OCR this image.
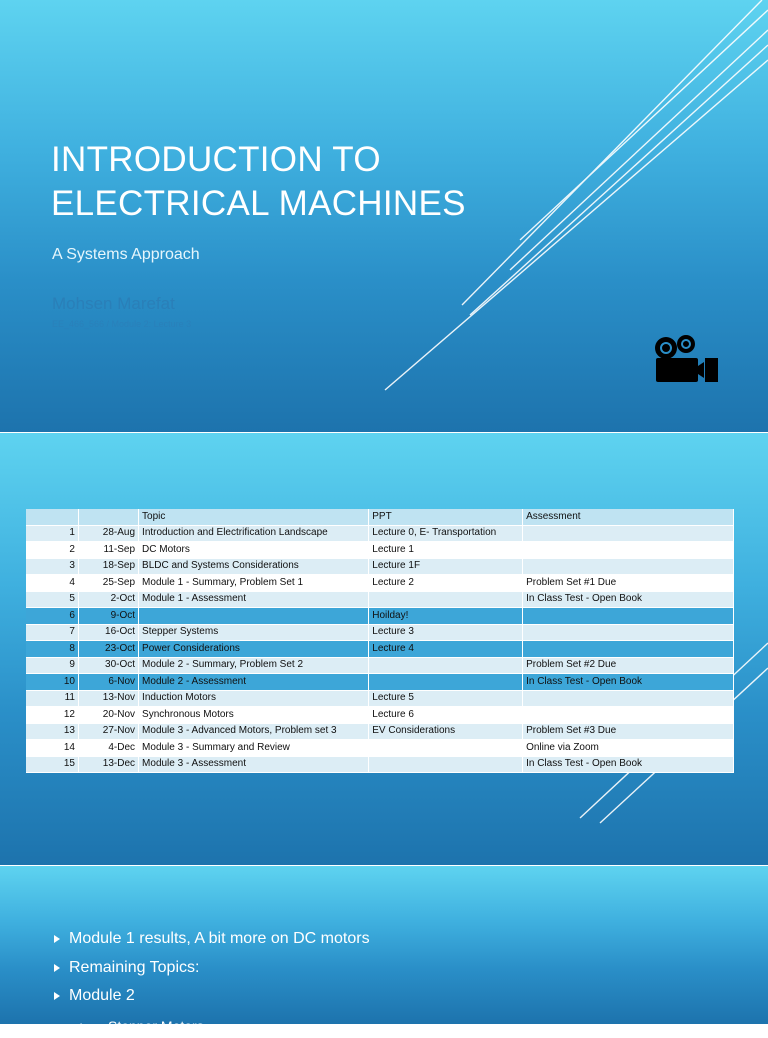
INTRODUCTION TO
ELECTRICAL MACHINES
A Systems Approach
Mohsen Marefat
EE_466_566 / Module 2: Lecture 3
		Topic	PPT	Assessment
1	28-Aug	Introduction and Electrification Landscape	Lecture 0, E- Transportation	
2	11-Sep	DC Motors	Lecture 1	
3	18-Sep	BLDC and Systems Considerations	Lecture 1F	
4	25-Sep	Module 1 - Summary, Problem Set 1	Lecture 2	Problem Set #1 Due
5	2-Oct	Module 1 - Assessment		In Class Test - Open Book
6	9-Oct		Hoilday!	
7	16-Oct	Stepper Systems	Lecture 3	
8	23-Oct	Power Considerations	Lecture 4	
9	30-Oct	Module 2 - Summary, Problem Set 2		Problem Set #2 Due
10	6-Nov	Module 2 - Assessment		In Class Test - Open Book
11	13-Nov	Induction Motors	Lecture 5	
12	20-Nov	Synchronous Motors	Lecture 6	
13	27-Nov	Module 3 - Advanced Motors, Problem set 3	EV Considerations	Problem Set #3 Due
14	4-Dec	Module 3 - Summary and Review		Online via Zoom
15	13-Dec	Module 3 - Assessment		In Class Test - Open Book
Module 1 results, A bit more on DC motors
Remaining Topics:
Module 2
1. Stepper Motors
